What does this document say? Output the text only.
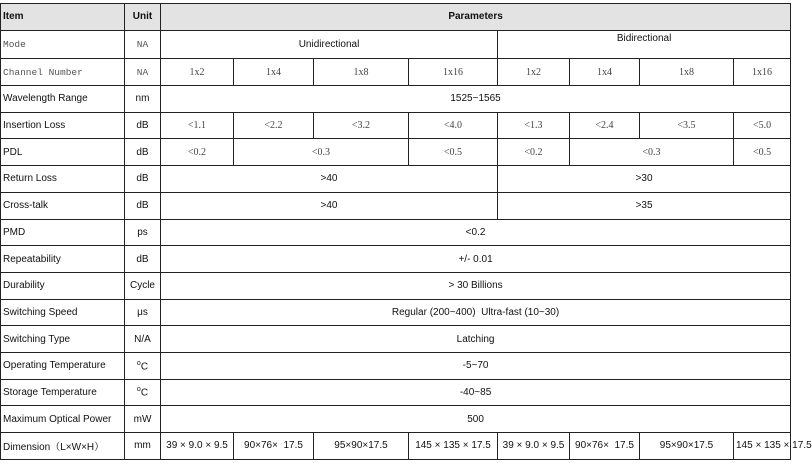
Item	Unit	Parameters							
Mode	NA	Unidirectional				Bidirectional			
Channel Number	NA	1x2	1x4	1x8	1x16	1x2	1x4	1x8	1x16
Wavelength Range	nm	1525~1565							
Insertion Loss	dB	<1.1	<2.2	<3.2	<4.0	<1.3	<2.4	<3.5	<5.0
PDL	dB	<0.2	<0.3		<0.5	<0.2	<0.3		<0.5
Return Loss	dB	>40				>30			
Cross-talk	dB	>40				>35			
PMD	ps	<0.2							
Repeatability	dB	+/- 0.01							
Durability	Cycle	> 30 Billions							
Switching Speed	μs	Regular (200~400)  Ultra-fast (10~30)							
Switching Type	N/A	Latching							
Operating Temperature	$^o$C	-5~70							
Storage Temperature	$^o$C	-40~85							
Maximum Optical Power	mW	500							
Dimension（L×W×H）	mm	39 × 9.0 × 9.5	90×76×  17.5	95×90×17.5	145 × 135 × 17.5	39 × 9.0 × 9.5	90×76×  17.5	95×90×17.5	145 × 135 × 17.5
